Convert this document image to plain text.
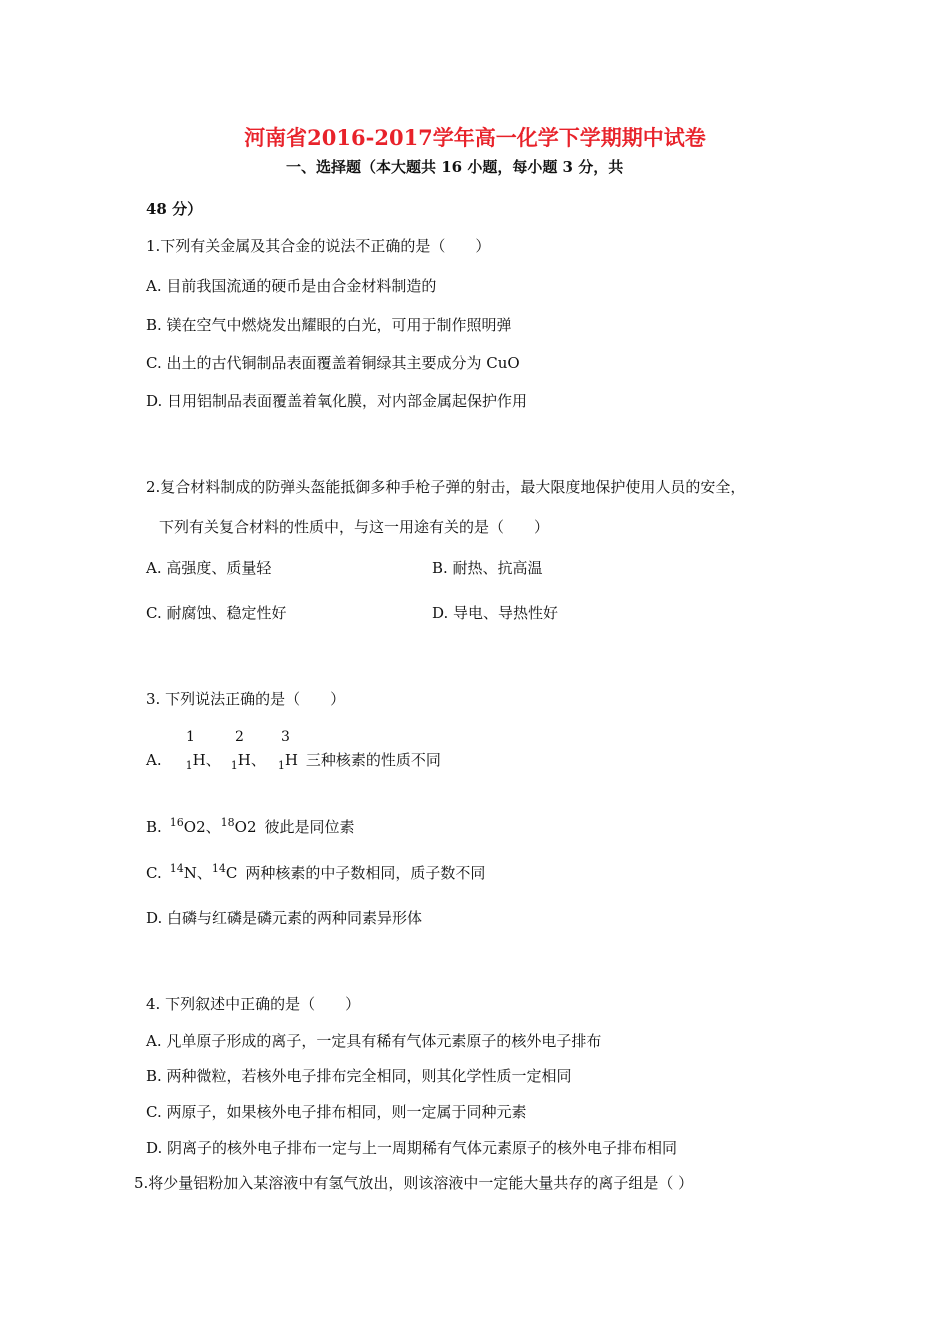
河南省2016-2017学年高一化学下学期期中试卷
一、选择题（本大题共 16 小题，每小题 3 分，共
48 分）
1.下列有关金属及其合金的说法不正确的是（　　）
A. 目前我国流通的硬币是由合金材料制造的
B. 镁在空气中燃烧发出耀眼的白光，可用于制作照明弹
C. 出土的古代铜制品表面覆盖着铜绿其主要成分为 CuO
D. 日用铝制品表面覆盖着氧化膜，对内部金属起保护作用
2.复合材料制成的防弹头盔能抵御多种手枪子弹的射击，最大限度地保护使用人员的安全，
下列有关复合材料的性质中，与这一用途有关的是（　　）
A. 高强度、质量轻	B. 耐热、抗高温
C. 耐腐蚀、稳定性好	D. 导电、导热性好
3. 下列说法正确的是（　　）
1	2	3
A. $_1$H、 $_1$H、 $_1$H 三种核素的性质不同
B. $^{16}$O2、$^{18}$O2 彼此是同位素
C. $^{14}$N、$^{14}$C 两种核素的中子数相同，质子数不同
D. 白磷与红磷是磷元素的两种同素异形体
4. 下列叙述中正确的是（　　）
A. 凡单原子形成的离子，一定具有稀有气体元素原子的核外电子排布
B. 两种微粒，若核外电子排布完全相同，则其化学性质一定相同
C. 两原子，如果核外电子排布相同，则一定属于同种元素
D. 阴离子的核外电子排布一定与上一周期稀有气体元素原子的核外电子排布相同
5.将少量铝粉加入某溶液中有氢气放出，则该溶液中一定能大量共存的离子组是（ ）
